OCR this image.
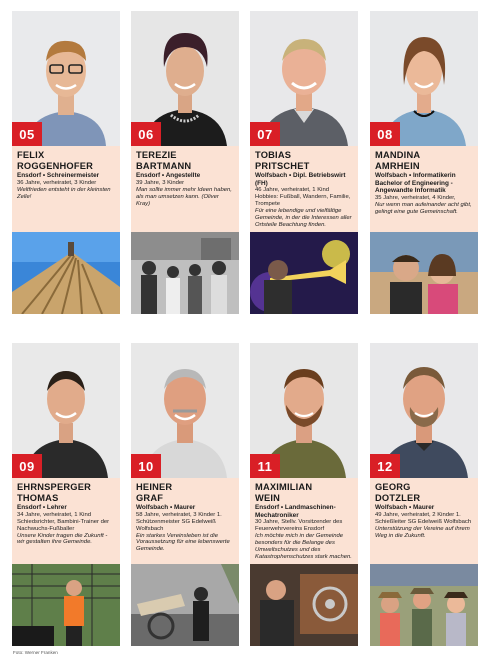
05
FELIX
ROGGENHOFER
Ensdorf • Schreinermeister
36 Jahre, verheiratet, 3 Kinder
Weltfrieden entsteht in der kleinsten Zelle!
06
TEREZIE
BARTMANN
Ensdorf • Angestellte
39 Jahre, 3 Kinder
Man sollte immer mehr Ideen haben, als man umsetzen kann. (Oliver Kray)
07
TOBIAS
PRITSCHET
Wolfsbach • Dipl. Betriebswirt (FH)
46 Jahre, verheiratet, 1 Kind Hobbies: Fußball, Wandern, Familie, Trompete
Für eine lebendige und vielfältige Gemeinde, in der die Interessen aller Ortsteile Beachtung finden.
08
MANDINA
AMRHEIN
Wolfsbach • Informatikerin Bachelor of Engineering - Angewandte Informatik
35 Jahre, verheiratet, 4 Kinder,
Nur wenn man aufeinander acht gibt, gelingt eine gute Gemeinschaft.
09
EHRNSPERGER
THOMAS
Ensdorf • Lehrer
34 Jahre, verheiratet, 1 Kind Schiedsrichter, Bambini-Trainer der Nachwuchs-Fußballer
Unsere Kinder tragen die Zukunft - wir gestalten ihre Gemeinde.
10
HEINER
GRAF
Wolfsbach • Maurer
58 Jahre, verheiratet, 3 Kinder 1. Schützenmeister SG Edelweiß Wolfsbach
Ein starkes Vereinsleben ist die Voraussetzung für eine lebenswerte Gemeinde.
11
MAXIMILIAN
WEIN
Ensdorf • Landmaschinen-Mechatroniker
30 Jahre, Stellv. Vorsitzender des Feuerwehrvereins Ensdorf
Ich möchte mich in der Gemeinde besonders für die Belange des Umweltschutzes und des Katastrophenschutzes stark machen.
12
GEORG
DOTZLER
Wolfsbach • Maurer
49 Jahre, verheiratet, 2 Kinder 1. Schießleiter SG Edelweiß Wolfsbach
Unterstützung der Vereine auf ihrem Weg in die Zukunft.
Foto: Werner Franken
